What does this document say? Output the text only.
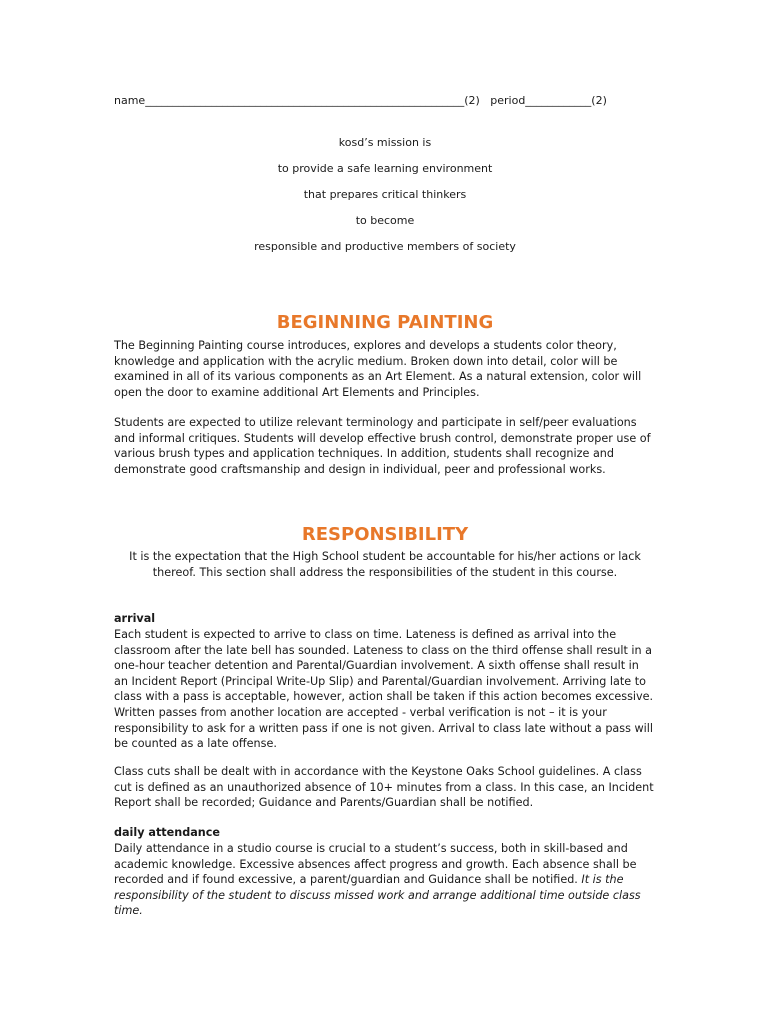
name__________________________________________________________(2)   period____________(2)
kosd’s mission is
to provide a safe learning environment
that prepares critical thinkers
to become
responsible and productive members of society
BEGINNING PAINTING
The Beginning Painting course introduces, explores and develops a students color theory, knowledge and application with the acrylic medium. Broken down into detail, color will be examined in all of its various components as an Art Element. As a natural extension, color will open the door to examine additional Art Elements and Principles.
Students are expected to utilize relevant terminology and participate in self/peer evaluations and informal critiques. Students will develop effective brush control, demonstrate proper use of various brush types and application techniques. In addition, students shall recognize and demonstrate good craftsmanship and design in individual, peer and professional works.
RESPONSIBILITY
It is the expectation that the High School student be accountable for his/her actions or lack thereof. This section shall address the responsibilities of the student in this course.
arrival
Each student is expected to arrive to class on time. Lateness is defined as arrival into the classroom after the late bell has sounded. Lateness to class on the third offense shall result in a one-hour teacher detention and Parental/Guardian involvement. A sixth offense shall result in an Incident Report (Principal Write-Up Slip) and Parental/Guardian involvement. Arriving late to class with a pass is acceptable, however, action shall be taken if this action becomes excessive. Written passes from another location are accepted - verbal verification is not – it is your responsibility to ask for a written pass if one is not given. Arrival to class late without a pass will be counted as a late offense.
Class cuts shall be dealt with in accordance with the Keystone Oaks School guidelines. A class cut is defined as an unauthorized absence of 10+ minutes from a class. In this case, an Incident Report shall be recorded; Guidance and Parents/Guardian shall be notified.
daily attendance
Daily attendance in a studio course is crucial to a student’s success, both in skill-based and academic knowledge. Excessive absences affect progress and growth. Each absence shall be recorded and if found excessive, a parent/guardian and Guidance shall be notified. It is the responsibility of the student to discuss missed work and arrange additional time outside class time.
